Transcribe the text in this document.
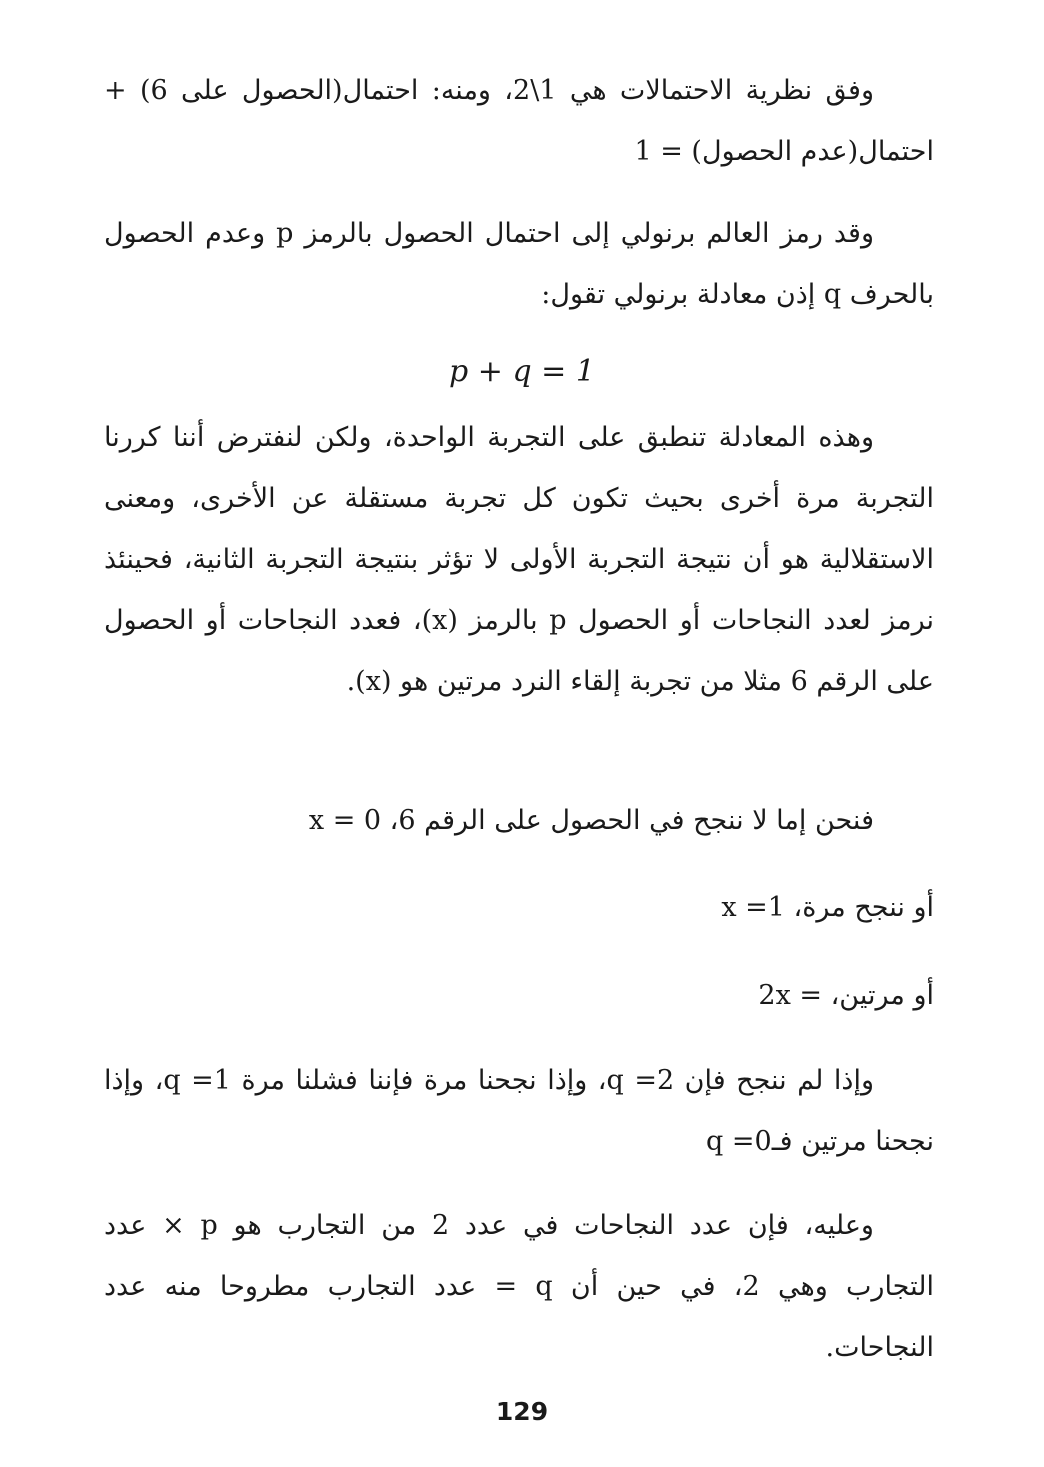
وفق نظرية الاحتمالات هي 1\2، ومنه: احتمال(الحصول على 6) + احتمال(عدم الحصول) = 1

وقد رمز العالم برنولي إلى احتمال الحصول بالرمز p وعدم الحصول بالحرف q إذن معادلة برنولي تقول:

p + q = 1

وهذه المعادلة تنطبق على التجربة الواحدة، ولكن لنفترض أننا كررنا التجربة مرة أخرى بحيث تكون كل تجربة مستقلة عن الأخرى، ومعنى الاستقلالية هو أن نتيجة التجربة الأولى لا تؤثر بنتيجة التجربة الثانية، فحينئذ نرمز لعدد النجاحات أو الحصول p بالرمز (x)، فعدد النجاحات أو الحصول على الرقم 6 مثلا من تجربة إلقاء النرد مرتين هو (x).

فنحن إما لا ننجح في الحصول على الرقم 6، x = 0

أو ننجح مرة، x =1

أو مرتين، = 2x

وإذا لم ننجح فإن q =2، وإذا نجحنا مرة فإننا فشلنا مرة q =1، وإذا نجحنا مرتين فـq =0

وعليه، فإن عدد النجاحات في عدد 2 من التجارب هو p × عدد التجارب وهي 2، في حين أن q = عدد التجارب مطروحا منه عدد النجاحات.

129
